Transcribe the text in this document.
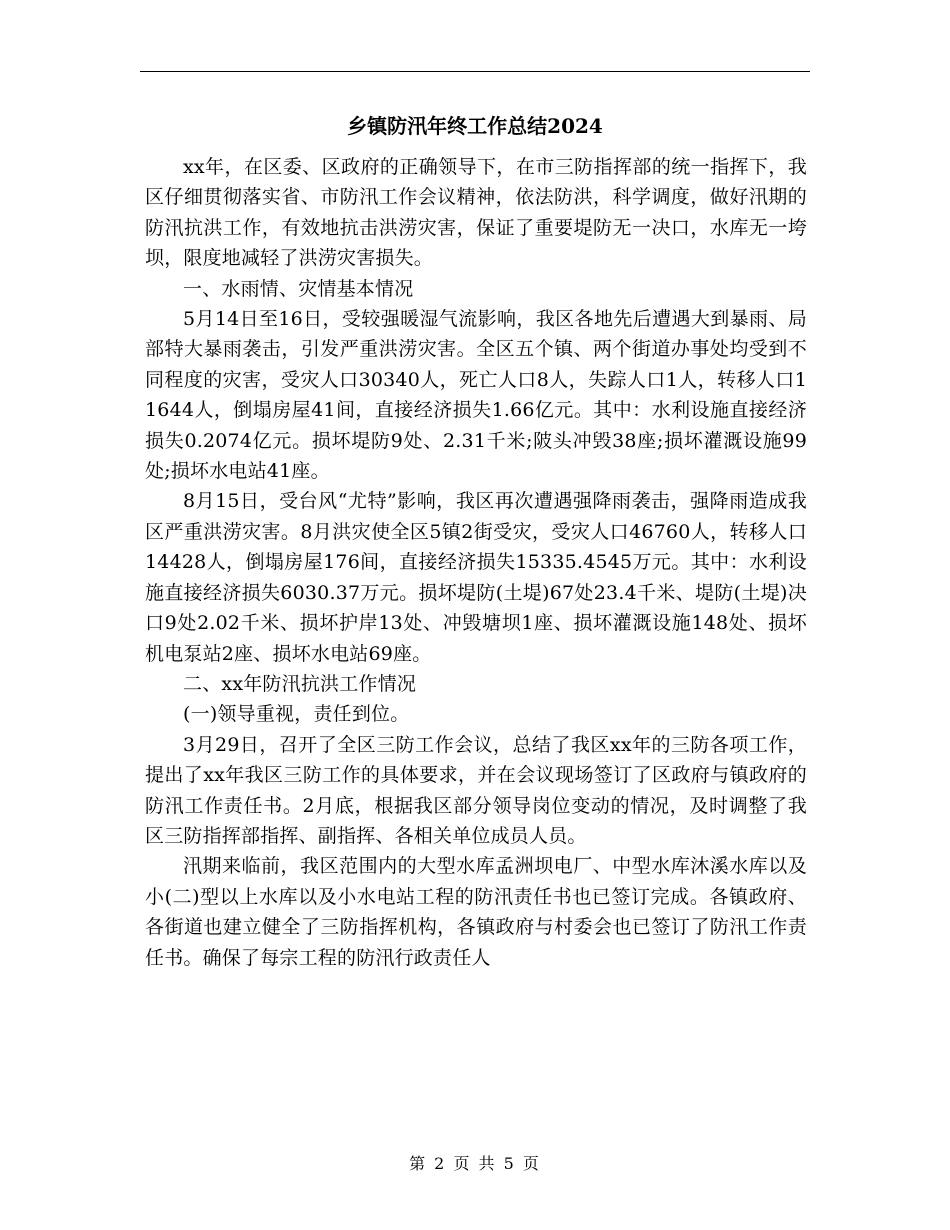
乡镇防汛年终工作总结2024

xx年，在区委、区政府的正确领导下，在市三防指挥部的统一指挥下，我区仔细贯彻落实省、市防汛工作会议精神，依法防洪，科学调度，做好汛期的防汛抗洪工作，有效地抗击洪涝灾害，保证了重要堤防无一决口，水库无一垮坝，限度地减轻了洪涝灾害损失。

一、水雨情、灾情基本情况

5月14日至16日，受较强暖湿气流影响，我区各地先后遭遇大到暴雨、局部特大暴雨袭击，引发严重洪涝灾害。全区五个镇、两个街道办事处均受到不同程度的灾害，受灾人口30340人，死亡人口8人，失踪人口1人，转移人口11644人，倒塌房屋41间，直接经济损失1.66亿元。其中：水利设施直接经济损失0.2074亿元。损坏堤防9处、2.31千米;陂头冲毁38座;损坏灌溉设施99处;损坏水电站41座。

8月15日，受台风“尤特”影响，我区再次遭遇强降雨袭击，强降雨造成我区严重洪涝灾害。8月洪灾使全区5镇2街受灾，受灾人口46760人，转移人口14428人，倒塌房屋176间，直接经济损失15335.4545万元。其中：水利设施直接经济损失6030.37万元。损坏堤防(土堤)67处23.4千米、堤防(土堤)决口9处2.02千米、损坏护岸13处、冲毁塘坝1座、损坏灌溉设施148处、损坏机电泵站2座、损坏水电站69座。

二、xx年防汛抗洪工作情况

(一)领导重视，责任到位。

3月29日，召开了全区三防工作会议，总结了我区xx年的三防各项工作，提出了xx年我区三防工作的具体要求，并在会议现场签订了区政府与镇政府的防汛工作责任书。2月底，根据我区部分领导岗位变动的情况，及时调整了我区三防指挥部指挥、副指挥、各相关单位成员人员。

汛期来临前，我区范围内的大型水库孟洲坝电厂、中型水库沐溪水库以及小(二)型以上水库以及小水电站工程的防汛责任书也已签订完成。各镇政府、各街道也建立健全了三防指挥机构，各镇政府与村委会也已签订了防汛工作责任书。确保了每宗工程的防汛行政责任人

第 2 页 共 5 页
